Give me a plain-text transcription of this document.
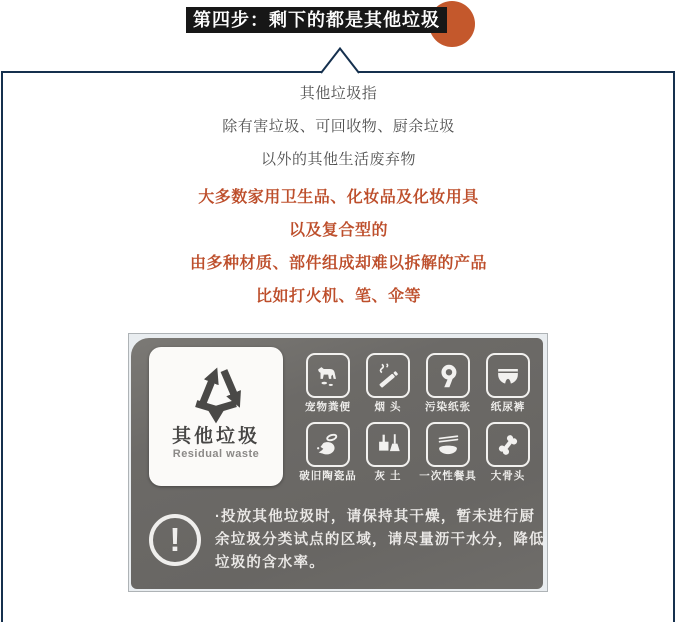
第四步：剩下的都是其他垃圾
其他垃圾指
除有害垃圾、可回收物、厨余垃圾
以外的其他生活废弃物
大多数家用卫生品、化妆品及化妆用具
以及复合型的
由多种材质、部件组成却难以拆解的产品
比如打火机、笔、伞等
其他垃圾
Residual waste
宠物粪便 烟 头 污染纸张 纸尿裤
破旧陶瓷品 灰 土 一次性餐具 大骨头
!
·投放其他垃圾时，请保持其干燥，暂未进行厨
余垃圾分类试点的区域，请尽量沥干水分，降低
垃圾的含水率。
